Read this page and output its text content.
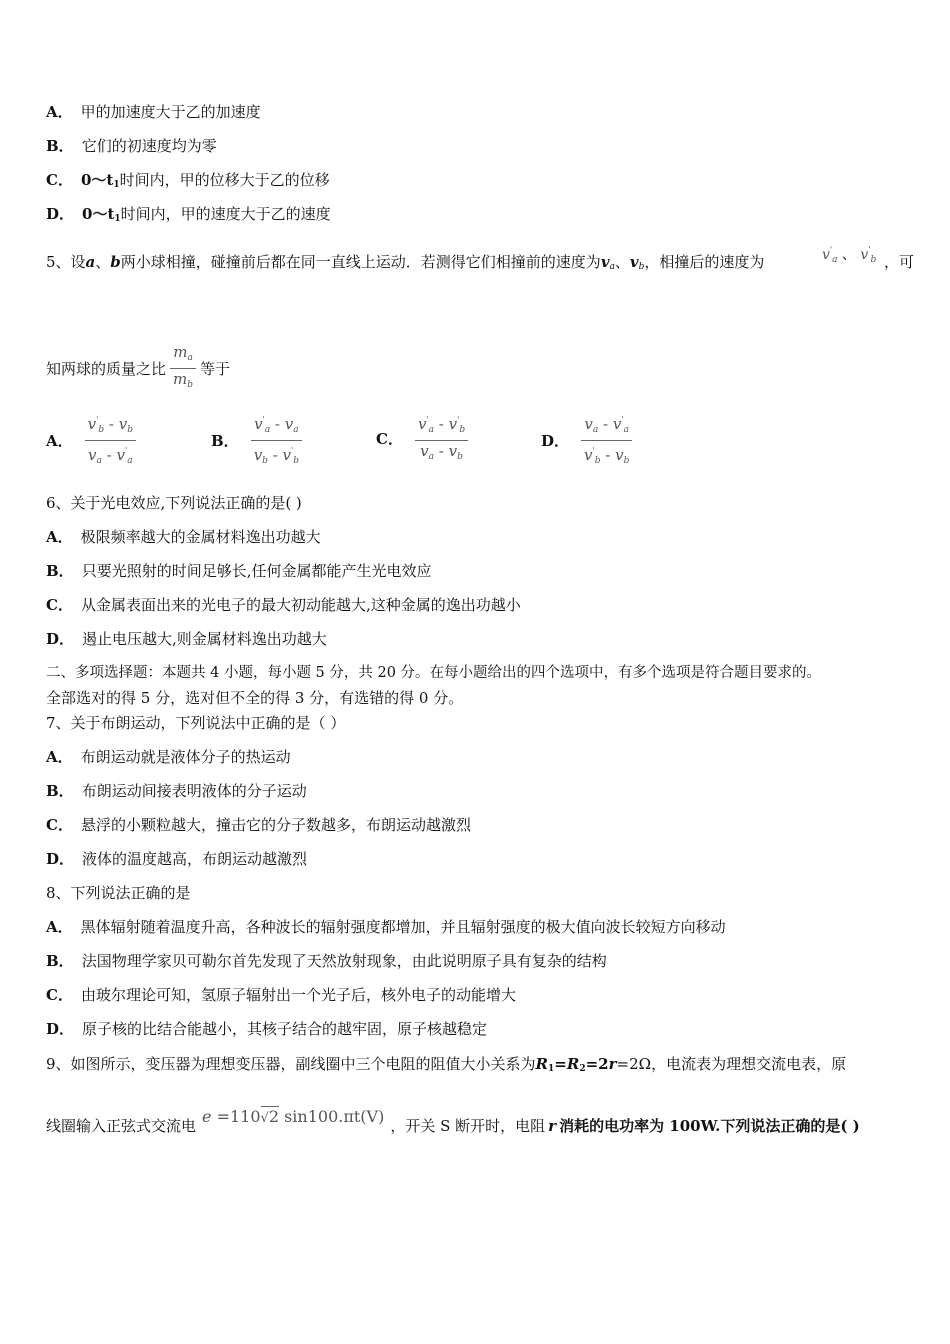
A． 甲的加速度大于乙的加速度
B． 它们的初速度均为零
C． $0\sim t_1$时间内，甲的位移大于乙的位移
D． $0\sim t_1$时间内，甲的速度大于乙的速度
5、设a、b两小球相撞，碰撞前后都在同一直线上运动．若测得它们相撞前的速度为$v_a$、$v_b$，相撞后的速度为	$v'_a$ 、 $v'_b$ ，可
知两球的质量之比 $\frac{m_a}{m_b}$ 等于
A． $\frac{v'_b - v_b}{v_a - v'_a}$	B． $\frac{v'_a - v_a}{v_b - v'_b}$	C． $\frac{v'_a - v'_b}{v_a - v_b}$	D． $\frac{v_a - v'_a}{v'_b - v_b}$
6、关于光电效应,下列说法正确的是( )
A． 极限频率越大的金属材料逸出功越大
B． 只要光照射的时间足够长,任何金属都能产生光电效应
C． 从金属表面出来的光电子的最大初动能越大,这种金属的逸出功越小
D． 遏止电压越大,则金属材料逸出功越大
二、多项选择题：本题共 4 小题，每小题 5 分，共 20 分。在每小题给出的四个选项中，有多个选项是符合题目要求的。
全部选对的得 5 分，选对但不全的得 3 分，有选错的得 0 分。
7、关于布朗运动，下列说法中正确的是（ ）
A． 布朗运动就是液体分子的热运动
B． 布朗运动间接表明液体的分子运动
C． 悬浮的小颗粒越大，撞击它的分子数越多，布朗运动越激烈
D． 液体的温度越高，布朗运动越激烈
8、下列说法正确的是
A． 黑体辐射随着温度升高，各种波长的辐射强度都增加，并且辐射强度的极大值向波长较短方向移动
B． 法国物理学家贝可勒尔首先发现了天然放射现象，由此说明原子具有复杂的结构
C． 由玻尔理论可知，氢原子辐射出一个光子后，核外电子的动能增大
D． 原子核的比结合能越小，其核子结合的越牢固，原子核越稳定
9、如图所示，变压器为理想变压器，副线圈中三个电阻的阻值大小关系为$R_1=R_2=2r=2\Omega$，电流表为理想交流电表，原
线圈输入正弦式交流电 e =110√2 sin100.πt(V) ，开关 S 断开时，电阻 r 消耗的电功率为 100W.下列说法正确的是( )
